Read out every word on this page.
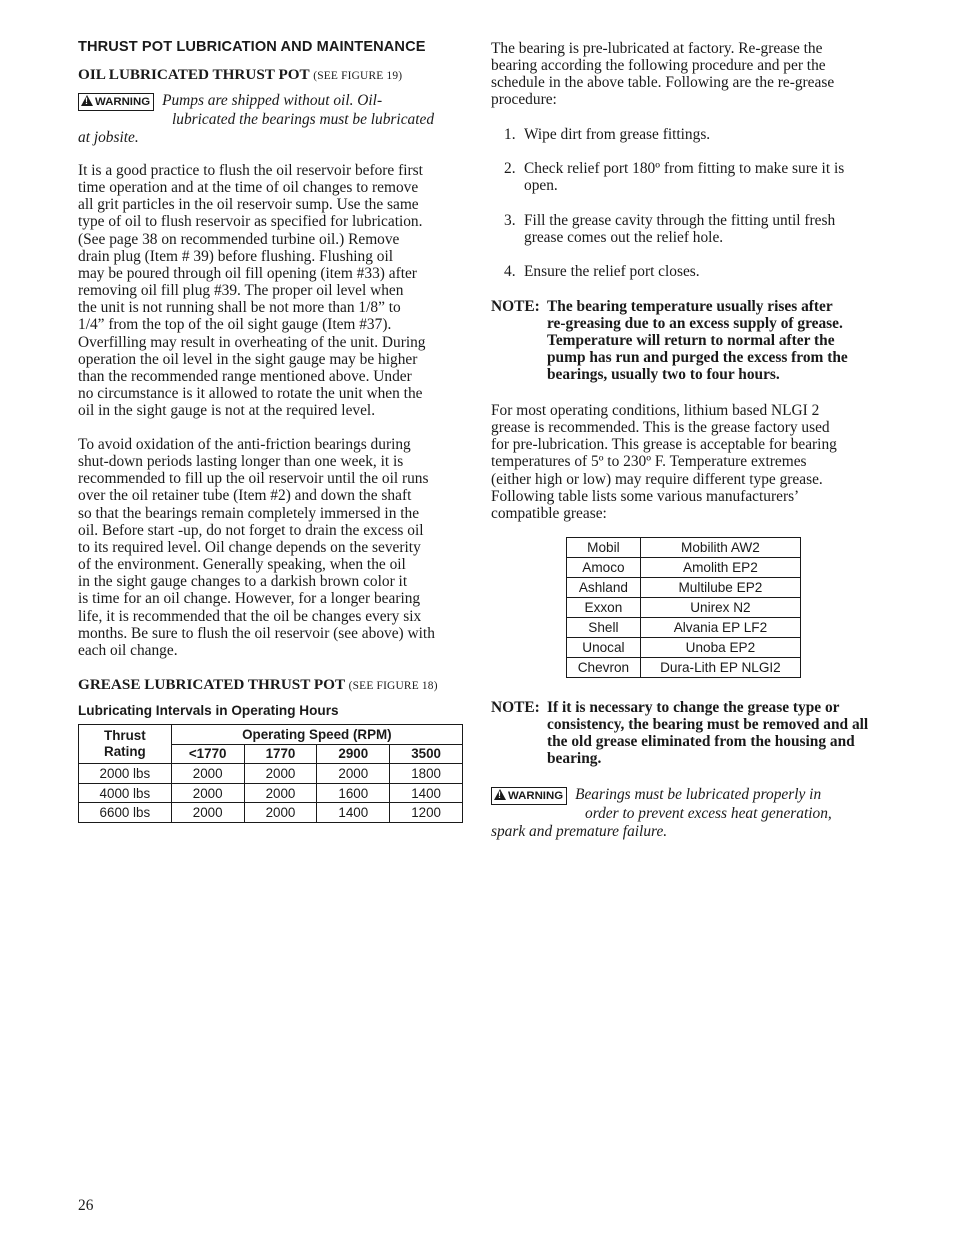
THRUST POT LUBRICATION AND MAINTENANCE
OIL LUBRICATED THRUST POT (SEE FIGURE 19)
!WARNING Pumps are shipped without oil. Oil-
lubricated the bearings must be lubricated
at jobsite.
It is a good practice to flush the oil reservoir before first
time operation and at the time of oil changes to remove
all grit particles in the oil reservoir sump. Use the same
type of oil to flush reservoir as specified for lubrication.
(See page 38 on recommended turbine oil.) Remove
drain plug (Item # 39) before flushing. Flushing oil
may be poured through oil fill opening (item #33) after
removing oil fill plug #39. The proper oil level when
the unit is not running shall be not more than 1/8” to
1/4” from the top of the oil sight gauge (Item #37).
Overfilling may result in overheating of the unit. During
operation the oil level in the sight gauge may be higher
than the recommended range mentioned above. Under
no circumstance is it allowed to rotate the unit when the
oil in the sight gauge is not at the required level.
To avoid oxidation of the anti-friction bearings during
shut-down periods lasting longer than one week, it is
recommended to fill up the oil reservoir until the oil runs
over the oil retainer tube (Item #2) and down the shaft
so that the bearings remain completely immersed in the
oil. Before start -up, do not forget to drain the excess oil
to its required level. Oil change depends on the severity
of the environment. Generally speaking, when the oil
in the sight gauge changes to a darkish brown color it
is time for an oil change. However, for a longer bearing
life, it is recommended that the oil be changes every six
months. Be sure to flush the oil reservoir (see above) with
each oil change.
GREASE LUBRICATED THRUST POT (SEE FIGURE 18)
Lubricating Intervals in Operating Hours
Thrust
Rating	Operating Speed (RPM)			
	<1770	1770	2900	3500
2000 lbs	2000	2000	2000	1800
4000 lbs	2000	2000	1600	1400
6600 lbs	2000	2000	1400	1200
The bearing is pre-lubricated at factory. Re-grease the
bearing according the following procedure and per the
schedule in the above table. Following are the re-grease
procedure:
1. Wipe dirt from grease fittings.
2. Check relief port 180º from fitting to make sure it is
open.
3. Fill the grease cavity through the fitting until fresh
grease comes out the relief hole.
4. Ensure the relief port closes.
NOTE: The bearing temperature usually rises after
re-greasing due to an excess supply of grease.
Temperature will return to normal after the
pump has run and purged the excess from the
bearings, usually two to four hours.
For most operating conditions, lithium based NLGI 2
grease is recommended. This is the grease factory used
for pre-lubrication. This grease is acceptable for bearing
temperatures of 5º to 230º F. Temperature extremes
(either high or low) may require different type grease.
Following table lists some various manufacturers’
compatible grease:
Mobil	Mobilith AW2
Amoco	Amolith EP2
Ashland	Multilube EP2
Exxon	Unirex N2
Shell	Alvania EP LF2
Unocal	Unoba EP2
Chevron	Dura-Lith EP NLGI2
NOTE: If it is necessary to change the grease type or
consistency, the bearing must be removed and all
the old grease eliminated from the housing and
bearing.
!WARNING Bearings must be lubricated properly in
order to prevent excess heat generation,
spark and premature failure.
26
